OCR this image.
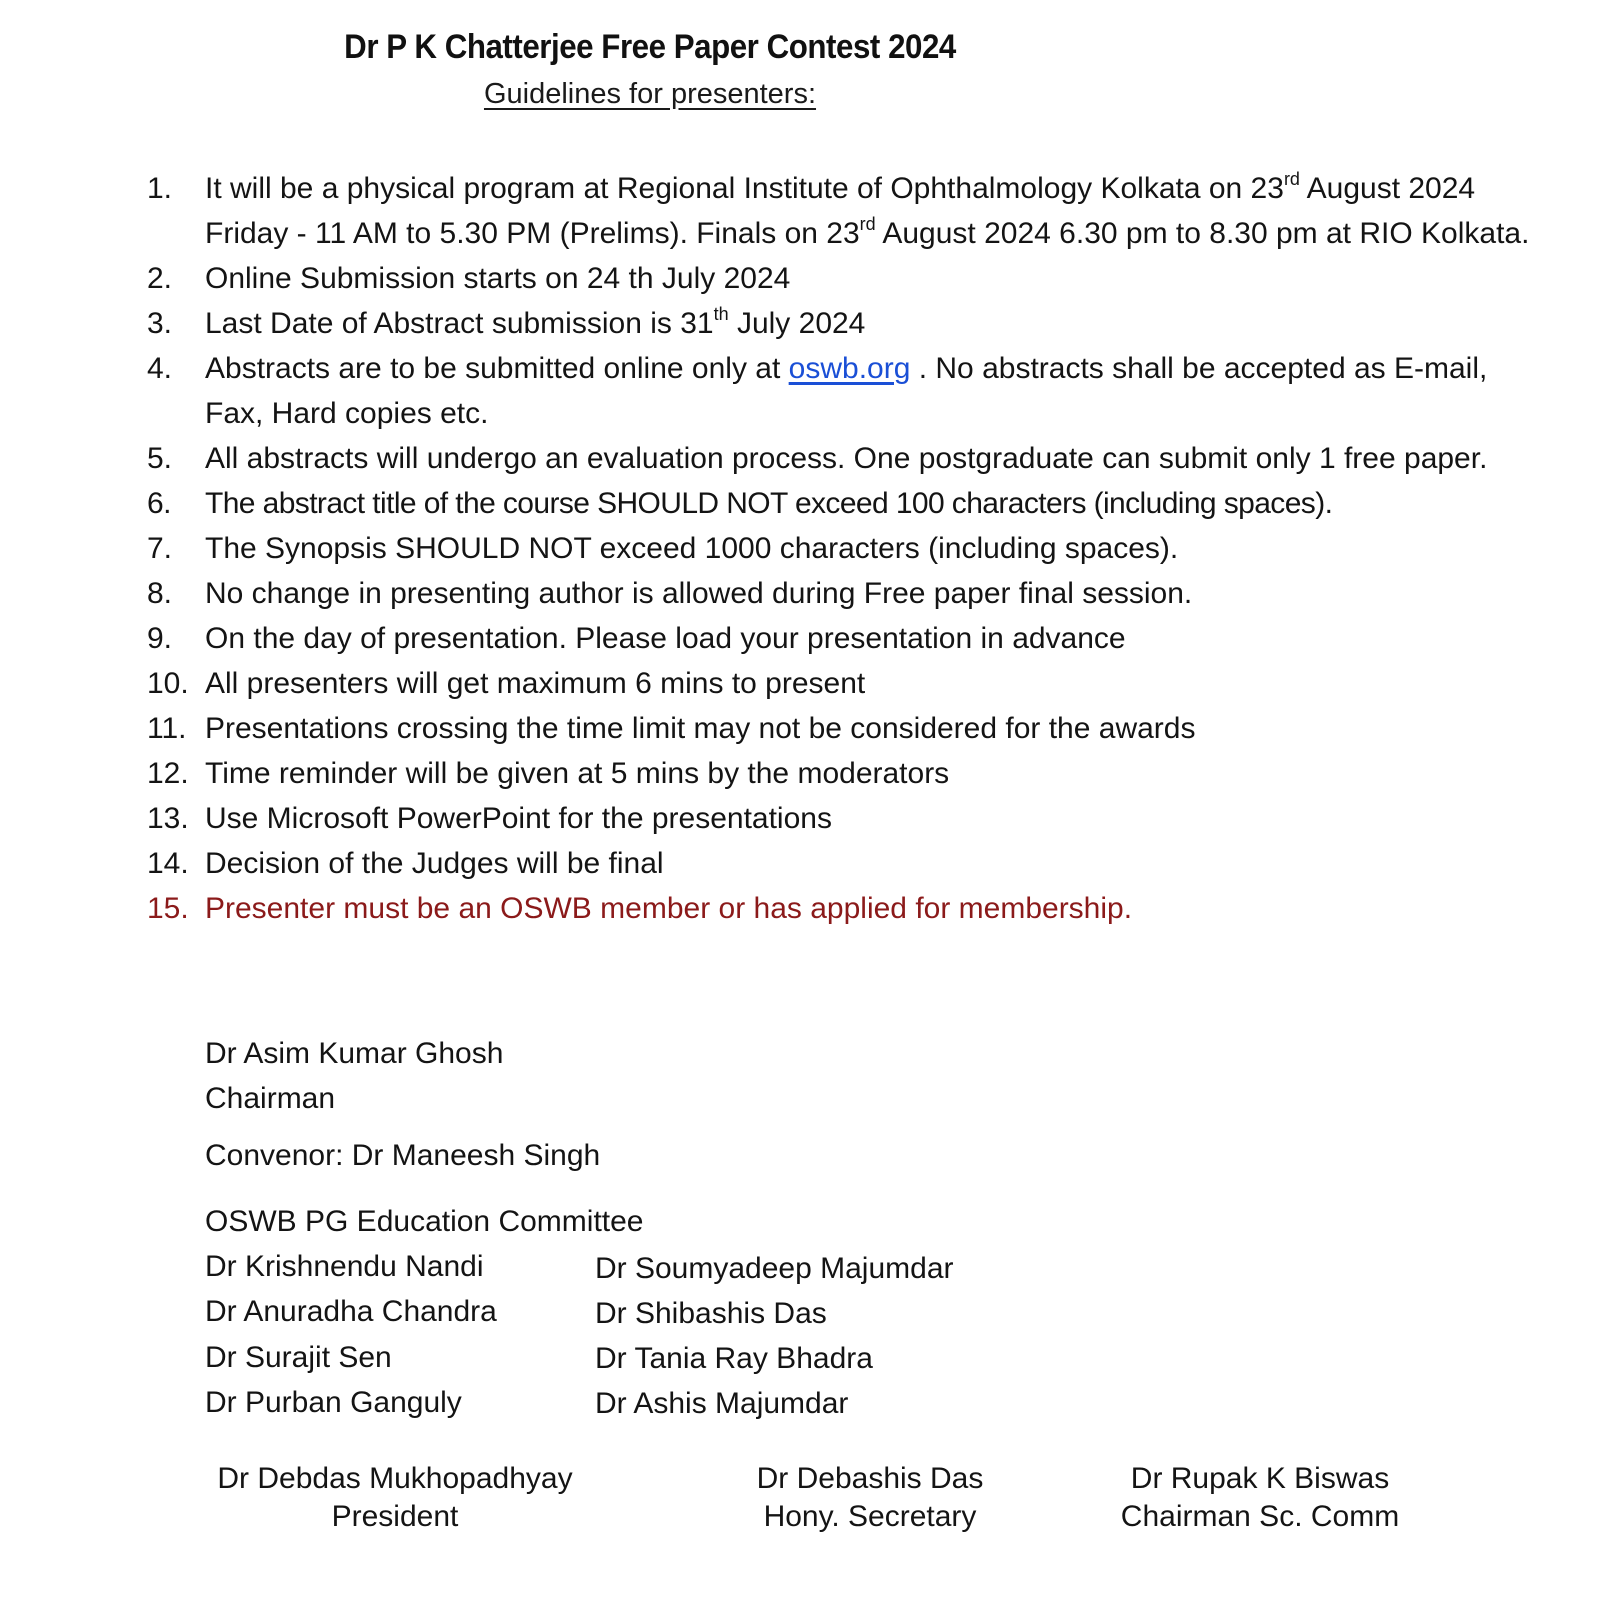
Dr P K Chatterjee Free Paper Contest 2024
Guidelines for presenters:
1. It will be a physical program at Regional Institute of Ophthalmology Kolkata on 23rd August 2024 Friday - 11 AM to 5.30 PM (Prelims). Finals on 23rd August 2024 6.30 pm to 8.30 pm at RIO Kolkata.
2. Online Submission starts on 24 th July 2024
3. Last Date of Abstract submission is 31th July 2024
4. Abstracts are to be submitted online only at oswb.org . No abstracts shall be accepted as E-mail, Fax, Hard copies etc.
5. All abstracts will undergo an evaluation process. One postgraduate can submit only 1 free paper.
6. The abstract title of the course SHOULD NOT exceed 100 characters (including spaces).
7. The Synopsis SHOULD NOT exceed 1000 characters (including spaces).
8. No change in presenting author is allowed during Free paper final session.
9. On the day of presentation. Please load your presentation in advance
10. All presenters will get maximum 6 mins to present
11. Presentations crossing the time limit may not be considered for the awards
12. Time reminder will be given at 5 mins by the moderators
13. Use Microsoft PowerPoint for the presentations
14. Decision of the Judges will be final
15. Presenter must be an OSWB member or has applied for membership.
Dr Asim Kumar Ghosh
Chairman
Convenor: Dr Maneesh Singh
OSWB PG Education Committee
Dr Krishnendu Nandi
Dr Anuradha Chandra
Dr Surajit Sen
Dr Purban Ganguly
Dr Soumyadeep Majumdar
Dr Shibashis Das
Dr Tania Ray Bhadra
Dr Ashis Majumdar
Dr Debdas Mukhopadhyay
President
Dr Debashis Das
Hony. Secretary
Dr Rupak K Biswas
Chairman Sc. Comm
